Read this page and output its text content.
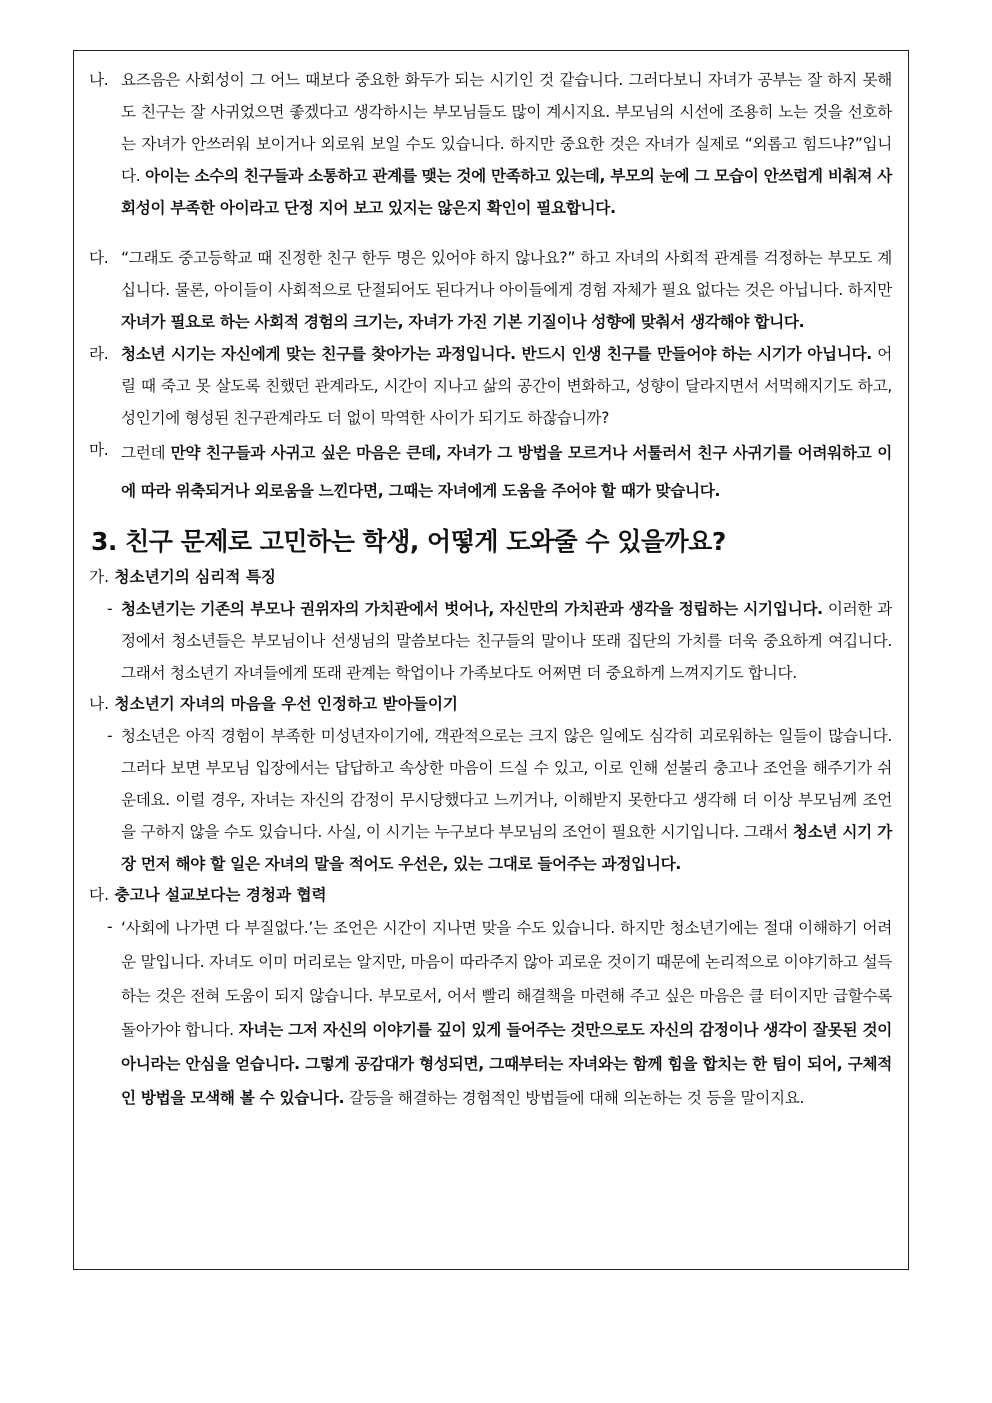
나. 요즈음은 사회성이 그 어느 때보다 중요한 화두가 되는 시기인 것 같습니다. 그러다보니 자녀가 공부는 잘 하지 못해도 친구는 잘 사귀었으면 좋겠다고 생각하시는 부모님들도 많이 계시지요. 부모님의 시선에 조용히 노는 것을 선호하는 자녀가 안쓰러워 보이거나 외로워 보일 수도 있습니다. 하지만 중요한 것은 자녀가 실제로 “외롭고 힘드냐?”입니다. 아이는 소수의 친구들과 소통하고 관계를 맺는 것에 만족하고 있는데, 부모의 눈에 그 모습이 안쓰럽게 비춰져 사회성이 부족한 아이라고 단정 지어 보고 있지는 않은지 확인이 필요합니다.
다. “그래도 중고등학교 때 진정한 친구 한두 명은 있어야 하지 않나요?” 하고 자녀의 사회적 관계를 걱정하는 부모도 계십니다. 물론, 아이들이 사회적으로 단절되어도 된다거나 아이들에게 경험 자체가 필요 없다는 것은 아닙니다. 하지만 자녀가 필요로 하는 사회적 경험의 크기는, 자녀가 가진 기본 기질이나 성향에 맞춰서 생각해야 합니다.
라. 청소년 시기는 자신에게 맞는 친구를 찾아가는 과정입니다. 반드시 인생 친구를 만들어야 하는 시기가 아닙니다. 어릴 때 죽고 못 살도록 친했던 관계라도, 시간이 지나고 삶의 공간이 변화하고, 성향이 달라지면서 서먹해지기도 하고, 성인기에 형성된 친구관계라도 더 없이 막역한 사이가 되기도 하잖습니까?
마. 그런데 만약 친구들과 사귀고 싶은 마음은 큰데, 자녀가 그 방법을 모르거나 서툴러서 친구 사귀기를 어려워하고 이에 따라 위축되거나 외로움을 느낀다면, 그때는 자녀에게 도움을 주어야 할 때가 맞습니다.
3. 친구 문제로 고민하는 학생, 어떻게 도와줄 수 있을까요?
가. 청소년기의 심리적 특징
- 청소년기는 기존의 부모나 권위자의 가치관에서 벗어나, 자신만의 가치관과 생각을 정립하는 시기입니다. 이러한 과정에서 청소년들은 부모님이나 선생님의 말씀보다는 친구들의 말이나 또래 집단의 가치를 더욱 중요하게 여깁니다. 그래서 청소년기 자녀들에게 또래 관계는 학업이나 가족보다도 어쩌면 더 중요하게 느껴지기도 합니다.
나. 청소년기 자녀의 마음을 우선 인정하고 받아들이기
- 청소년은 아직 경험이 부족한 미성년자이기에, 객관적으로는 크지 않은 일에도 심각히 괴로워하는 일들이 많습니다. 그러다 보면 부모님 입장에서는 답답하고 속상한 마음이 드실 수 있고, 이로 인해 섣불리 충고나 조언을 해주기가 쉬운데요. 이럴 경우, 자녀는 자신의 감정이 무시당했다고 느끼거나, 이해받지 못한다고 생각해 더 이상 부모님께 조언을 구하지 않을 수도 있습니다. 사실, 이 시기는 누구보다 부모님의 조언이 필요한 시기입니다. 그래서 청소년 시기 가장 먼저 해야 할 일은 자녀의 말을 적어도 우선은, 있는 그대로 들어주는 과정입니다.
다. 충고나 설교보다는 경청과 협력
- ‘사회에 나가면 다 부질없다.’는 조언은 시간이 지나면 맞을 수도 있습니다. 하지만 청소년기에는 절대 이해하기 어려운 말입니다. 자녀도 이미 머리로는 알지만, 마음이 따라주지 않아 괴로운 것이기 때문에 논리적으로 이야기하고 설득하는 것은 전혀 도움이 되지 않습니다. 부모로서, 어서 빨리 해결책을 마련해 주고 싶은 마음은 클 터이지만 급할수록 돌아가야 합니다. 자녀는 그저 자신의 이야기를 깊이 있게 들어주는 것만으로도 자신의 감정이나 생각이 잘못된 것이 아니라는 안심을 얻습니다. 그렇게 공감대가 형성되면, 그때부터는 자녀와는 함께 힘을 합치는 한 팀이 되어, 구체적인 방법을 모색해 볼 수 있습니다. 갈등을 해결하는 경험적인 방법들에 대해 의논하는 것 등을 말이지요.
